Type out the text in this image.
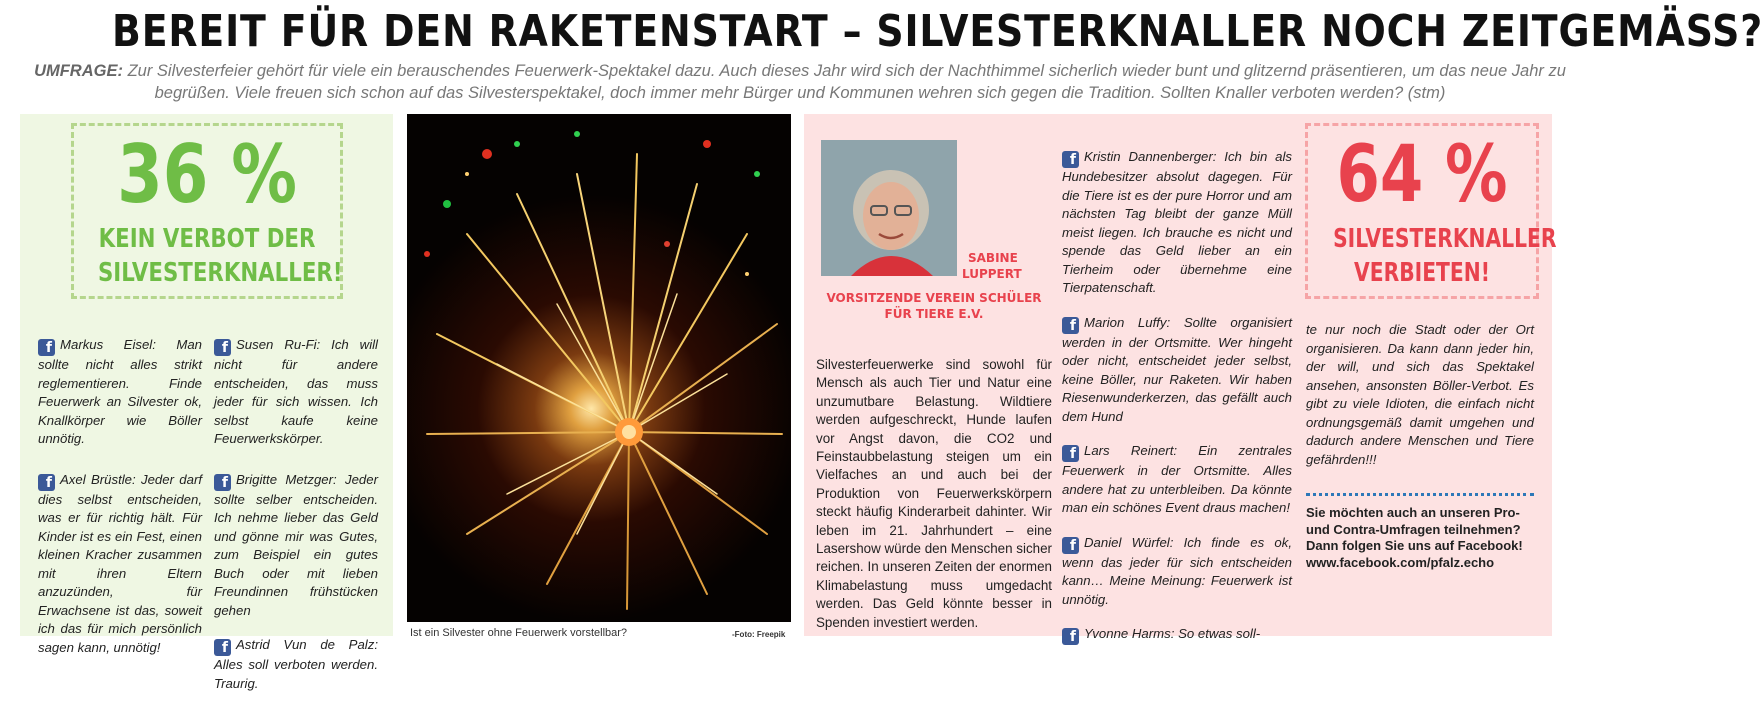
BEREIT FÜR DEN RAKETENSTART – SILVESTERKNALLER NOCH ZEITGEMÄSS?
UMFRAGE: Zur Silvesterfeier gehört für viele ein berauschendes Feuerwerk-Spektakel dazu. Auch dieses Jahr wird sich der Nachthimmel sicherlich wieder bunt und glitzernd präsentieren, um das neue Jahr zu begrüßen. Viele freuen sich schon auf das Silvesterspektakel, doch immer mehr Bürger und Kommunen wehren sich gegen die Tradition. Sollten Knaller verboten werden? (stm)
36 %
KEIN VERBOT DER
SILVESTERKNALLER!
f Markus Eisel: Man sollte nicht alles strikt reglementieren. Finde Feuerwerk an Silvester ok, Knallkörper wie Böller unnötig.
f Axel Brüstle: Jeder darf dies selbst entscheiden, was er für richtig hält. Für Kinder ist es ein Fest, einen kleinen Kracher zusammen mit ihren Eltern anzuzünden, für Erwachsene ist das, soweit ich das für mich persönlich sagen kann, unnötig!
f Susen Ru-Fi: Ich will nicht für andere entscheiden, das muss jeder für sich wissen. Ich selbst kaufe keine Feuerwerkskörper.
f Brigitte Metzger: Jeder sollte selber entscheiden. Ich nehme lieber das Geld und gönne mir was Gutes, zum Beispiel ein gutes Buch oder mit lieben Freundinnen frühstücken gehen
f Astrid Vun de Palz: Alles soll verboten werden. Traurig.
Ist ein Silvester ohne Feuerwerk vorstellbar?	-Foto: Freepik
64 %
SILVESTERKNALLER
VERBIETEN!
f Kristin Dannenberger: Ich bin als Hundebesitzer absolut dagegen. Für die Tiere ist es der pure Horror und am nächsten Tag bleibt der ganze Müll meist liegen. Ich brauche es nicht und spende das Geld lieber an ein Tierheim oder übernehme eine Tierpatenschaft.
f Marion Luffy: Sollte organisiert werden in der Ortsmitte. Wer hingeht oder nicht, entscheidet jeder selbst, keine Böller, nur Raketen. Wir haben Riesenwunderkerzen, das gefällt auch dem Hund
f Lars Reinert: Ein zentrales Feuerwerk in der Ortsmitte. Alles andere hat zu unterbleiben. Da könnte man ein schönes Event draus machen!
f Daniel Würfel: Ich finde es ok, wenn das jeder für sich entscheiden kann… Meine Meinung: Feuerwerk ist unnötig.
f Yvonne Harms: So etwas soll-
te nur noch die Stadt oder der Ort organisieren. Da kann dann jeder hin, der will, und sich das Spektakel ansehen, ansonsten Böller-Verbot. Es gibt zu viele Idioten, die einfach nicht ordnungsgemäß damit umgehen und dadurch andere Menschen und Tiere gefährden!!!
SABINE
LUPPERT
VORSITZENDE VEREIN SCHÜLER
FÜR TIERE E.V.
Silvesterfeuerwerke sind sowohl für Mensch als auch Tier und Natur eine unzumutbare Belastung. Wildtiere werden aufgeschreckt, Hunde laufen vor Angst davon, die CO2 und Feinstaubbelastung steigen um ein Vielfaches an und auch bei der Produktion von Feuerwerkskörpern steckt häufig Kinderarbeit dahinter. Wir leben im 21. Jahrhundert – eine Lasershow würde den Menschen sicher reichen. In unseren Zeiten der enormen Klimabelastung muss umgedacht werden. Das Geld könnte besser in Spenden investiert werden.
Sie möchten auch an unseren Pro- und Contra-Umfragen teilnehmen?
Dann folgen Sie uns auf Facebook!
www.facebook.com/pfalz.echo
